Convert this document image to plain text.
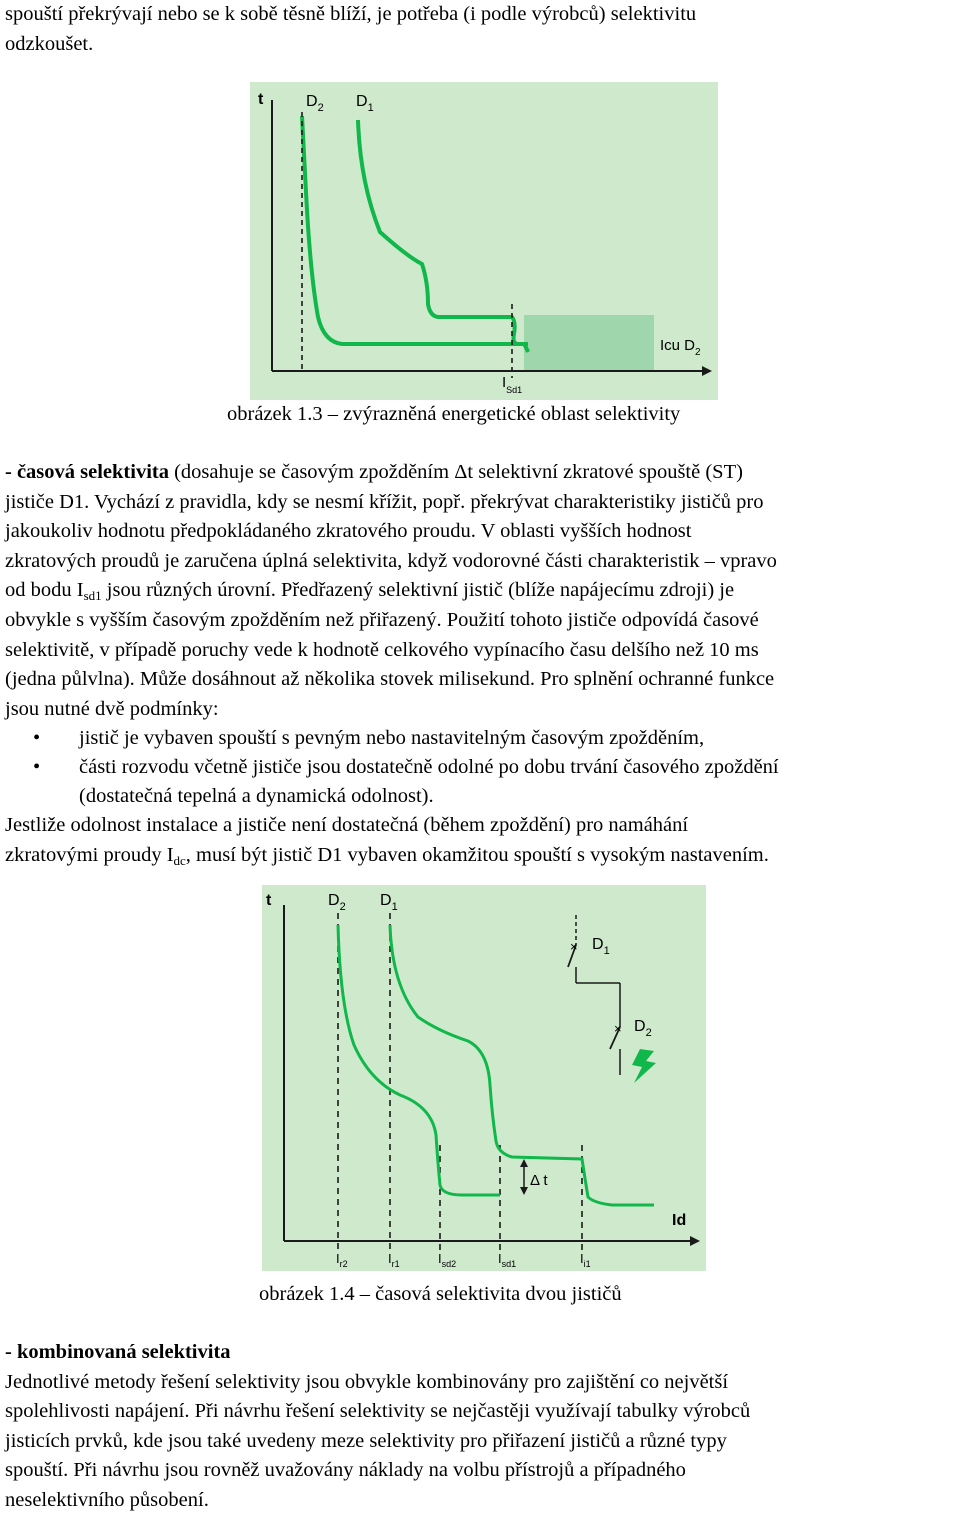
spouští překrývají nebo se k sobě těsně blíží, je potřeba (i podle výrobců) selektivitu
odzkoušet.
t	$D_2$ $D_1$
Icu $D_2$
$I_{Sd1}$
obrázek 1.3 – zvýrazněná energetické oblast selektivity
- časová selektivita (dosahuje se časovým zpožděním Δt selektivní zkratové spouště (ST)
jističe D1. Vychází z pravidla, kdy se nesmí křížit, popř. překrývat charakteristiky jističů pro
jakoukoliv hodnotu předpokládaného zkratového proudu. V oblasti vyšších hodnost
zkratových proudů je zaručena úplná selektivita, když vodorovné části charakteristik – vpravo
od bodu $I_{sd1}$ jsou různých úrovní. Předřazený selektivní jistič (blíže napájecímu zdroji) je
obvykle s vyšším časovým zpožděním než přiřazený. Použití tohoto jističe odpovídá časové
selektivitě, v případě poruchy vede k hodnotě celkového vypínacího času delšího než 10 ms
(jedna půlvlna). Může dosáhnout až několika stovek milisekund. Pro splnění ochranné funkce
jsou nutné dvě podmínky:
• jistič je vybaven spouští s pevným nebo nastavitelným časovým zpožděním,
• části rozvodu včetně jističe jsou dostatečně odolné po dobu trvání časového zpoždění
(dostatečná tepelná a dynamická odolnost).
Jestliže odolnost instalace a jističe není dostatečná (během zpoždění) pro namáhání
zkratovými proudy $I_{dc}$, musí být jistič D1 vybaven okamžitou spouští s vysokým nastavením.
Δ t
×
×
$D_1$
$D_2$
t	$D_2$ $D_1$
Id
$I_{r2}$	$I_{r1}$	$I_{sd2}$	$I_{sd1}$	$I_{i1}$
obrázek 1.4 – časová selektivita dvou jističů
- kombinovaná selektivita
Jednotlivé metody řešení selektivity jsou obvykle kombinovány pro zajištění co největší
spolehlivosti napájení. Při návrhu řešení selektivity se nejčastěji využívají tabulky výrobců
jisticích prvků, kde jsou také uvedeny meze selektivity pro přiřazení jističů a různé typy
spouští. Při návrhu jsou rovněž uvažovány náklady na volbu přístrojů a případného
neselektivního působení.
